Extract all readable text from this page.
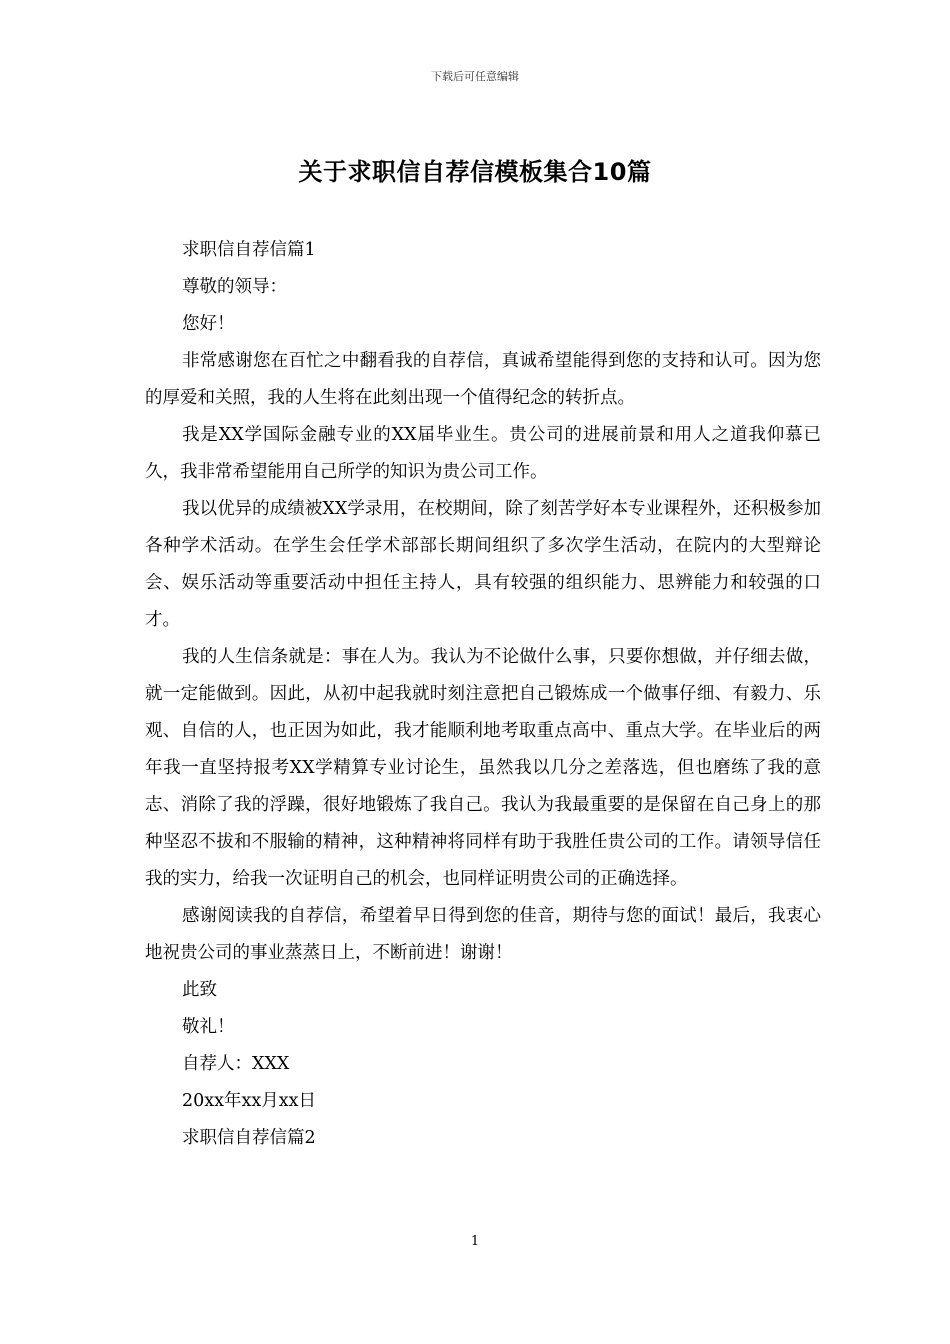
下载后可任意编辑
关于求职信自荐信模板集合10篇

求职信自荐信篇1

尊敬的领导：

您好！

非常感谢您在百忙之中翻看我的自荐信，真诚希望能得到您的支持和认可。因为您的厚爱和关照，我的人生将在此刻出现一个值得纪念的转折点。

我是XX学国际金融专业的XX届毕业生。贵公司的进展前景和用人之道我仰慕已久，我非常希望能用自己所学的知识为贵公司工作。

我以优异的成绩被XX学录用，在校期间，除了刻苦学好本专业课程外，还积极参加各种学术活动。在学生会任学术部部长期间组织了多次学生活动，在院内的大型辩论会、娱乐活动等重要活动中担任主持人，具有较强的组织能力、思辨能力和较强的口才。

我的人生信条就是：事在人为。我认为不论做什么事，只要你想做，并仔细去做，就一定能做到。因此，从初中起我就时刻注意把自己锻炼成一个做事仔细、有毅力、乐观、自信的人，也正因为如此，我才能顺利地考取重点高中、重点大学。在毕业后的两年我一直坚持报考XX学精算专业讨论生，虽然我以几分之差落选，但也磨练了我的意志、消除了我的浮躁，很好地锻炼了我自己。我认为我最重要的是保留在自己身上的那种坚忍不拔和不服输的精神，这种精神将同样有助于我胜任贵公司的工作。请领导信任我的实力，给我一次证明自己的机会，也同样证明贵公司的正确选择。

感谢阅读我的自荐信，希望着早日得到您的佳音，期待与您的面试！最后，我衷心地祝贵公司的事业蒸蒸日上，不断前进！谢谢！

此致

敬礼！

自荐人：XXX

20xx年xx月xx日

求职信自荐信篇2

1
